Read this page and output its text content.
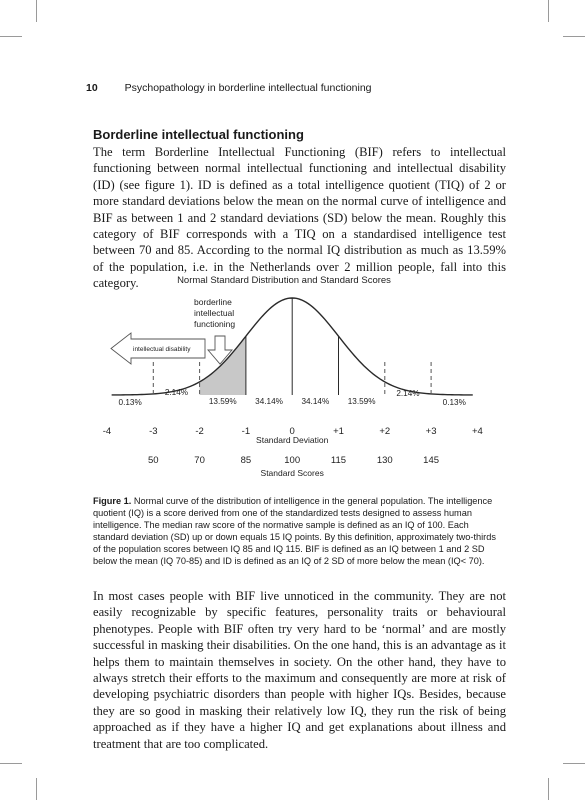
10	Psychopathology in borderline intellectual functioning
Borderline intellectual functioning

The term Borderline Intellectual Functioning (BIF) refers to intellectual functioning between normal intellectual functioning and intellectual disability (ID) (see figure 1). ID is defined as a total intelligence quotient (TIQ) of 2 or more standard deviations below the mean on the normal curve of intelligence and BIF as between 1 and 2 standard deviations (SD) below the mean. Roughly this category of BIF corresponds with a TIQ on a standardised intelligence test between 70 and 85. According to the normal IQ distribution as much as 13.59% of the population, i.e. in the Netherlands over 2 million people, fall into this category.	Normal Standard Distribution and Standard Scores
0.13%
2.14%
13.59% 34.14% 34.14% 13.59%
2.14%
0.13%
-4	-3	-2	-1	0	+1	+2	+3	+4
Standard Deviation
50	70	85	100	115	130	145
Standard Scores
borderline
intellectual
functioning
intellectual disability

Figure 1. Normal curve of the distribution of intelligence in the general population. The intelligence quotient (IQ) is a score derived from one of the standardized tests designed to assess human intelligence. The median raw score of the normative sample is defined as an IQ of 100. Each standard deviation (SD) up or down equals 15 IQ points. By this definition, approximately two-thirds of the population scores between IQ 85 and IQ 115. BIF is defined as an IQ between 1 and 2 SD below the mean (IQ 70-85) and ID is defined as an IQ of 2 SD of more below the mean (IQ< 70).

In most cases people with BIF live unnoticed in the community. They are not easily recognizable by specific features, personality traits or behavioural phenotypes. People with BIF often try very hard to be ‘normal’ and are mostly successful in masking their disabilities. On the one hand, this is an advantage as it helps them to maintain themselves in society. On the other hand, they have to always stretch their efforts to the maximum and consequently are more at risk of developing psychiatric disorders than people with higher IQs. Besides, because they are so good in masking their relatively low IQ, they run the risk of being approached as if they have a higher IQ and get explanations about illness and treatment that are too complicated.
